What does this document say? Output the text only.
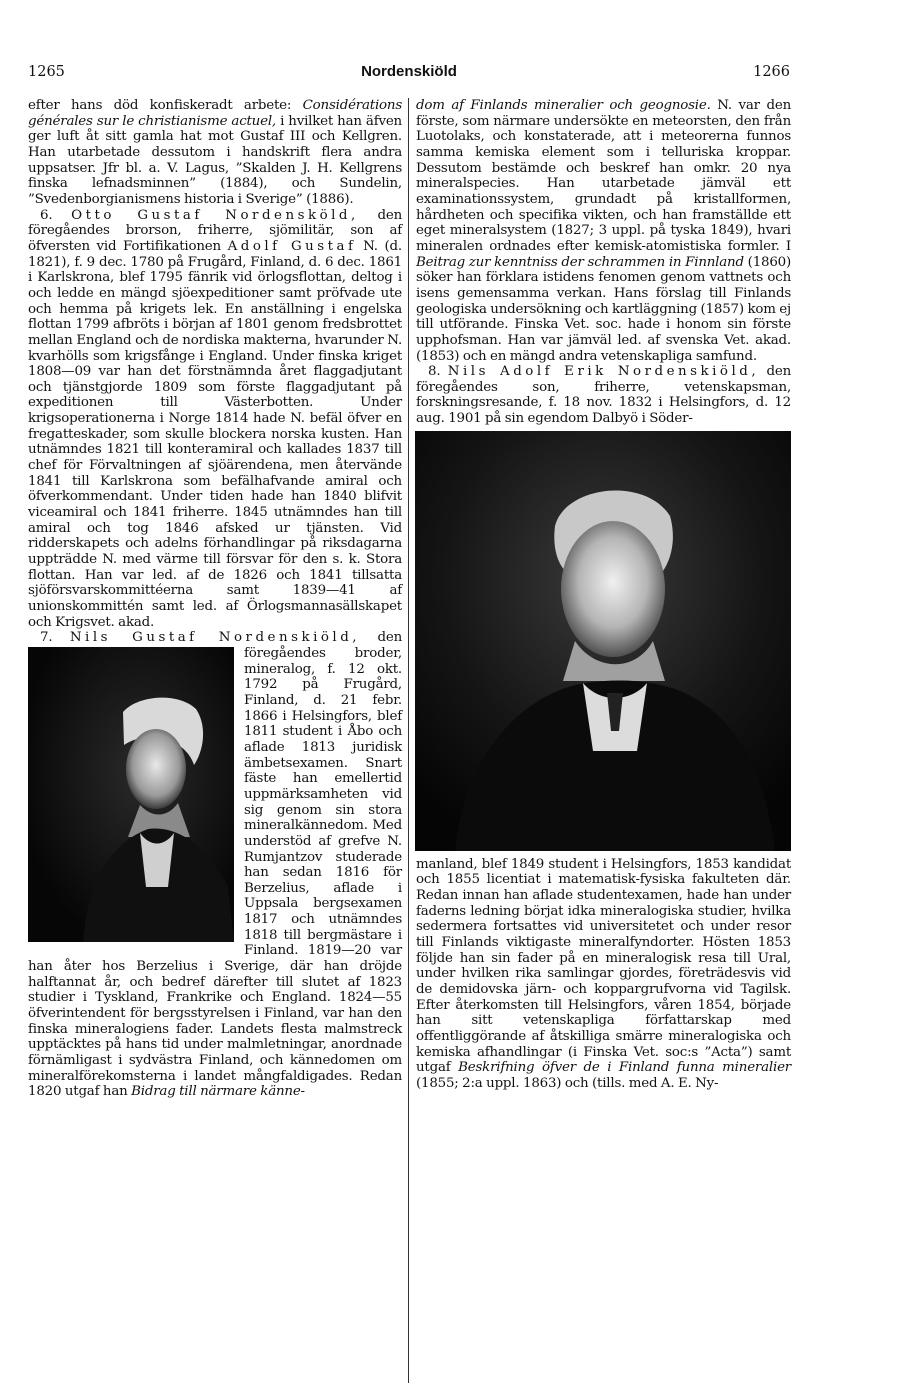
1265	Nordenskiöld	1266

efter hans död konfiskeradt arbete: Considérations générales sur le christianisme actuel, i hvilket han äfven ger luft åt sitt gamla hat mot Gustaf III och Kellgren. Han utarbetade dessutom i handskrift flera andra uppsatser. Jfr bl. a. V. Lagus, ”Skalden J. H. Kellgrens finska lefnadsminnen” (1884), och Sundelin, ”Svedenborgianismens historia i Sverige” (1886).

6. Otto Gustaf Nordensköld, den föregåendes brorson, friherre, sjömilitär, son af öfversten vid Fortifikationen Adolf Gustaf N. (d. 1821), f. 9 dec. 1780 på Frugård, Finland, d. 6 dec. 1861 i Karlskrona, blef 1795 fänrik vid örlogsflottan, deltog i och ledde en mängd sjöexpeditioner samt pröfvade ute och hemma på krigets lek. En anställning i engelska flottan 1799 afbröts i början af 1801 genom fredsbrottet mellan England och de nordiska makterna, hvarunder N. kvarhölls som krigsfånge i England. Under finska kriget 1808—09 var han det förstnämnda året flaggadjutant och tjänstgjorde 1809 som förste flaggadjutant på expeditionen till Västerbotten. Under krigsoperationerna i Norge 1814 hade N. befäl öfver en fregatteskader, som skulle blockera norska kusten. Han utnämndes 1821 till konteramiral och kallades 1837 till chef för Förvaltningen af sjöärendena, men återvände 1841 till Karlskrona som befälhafvande amiral och öfverkommendant. Under tiden hade han 1840 blifvit viceamiral och 1841 friherre. 1845 utnämndes han till amiral och tog 1846 afsked ur tjänsten. Vid ridderskapets och adelns förhandlingar på riksdagarna uppträdde N. med värme till försvar för den s. k. Stora flottan. Han var led. af de 1826 och 1841 tillsatta sjöförsvarskommittéerna samt 1839—41 af unionskommittén samt led. af Örlogsmannasällskapet och Krigsvet. akad.

7. Nils Gustaf Nordenskiöld,
den föregåendes broder, mineralog, f. 12 okt. 1792 på Frugård, Finland, d. 21 febr. 1866 i Helsingfors, blef 1811 student i Åbo och aflade 1813 juridisk ämbetsexamen. Snart fäste han emellertid uppmärksamheten vid sig genom sin stora mineralkännedom. Med understöd af grefve N. Rumjantzov studerade han sedan 1816 för Berzelius, aflade i Uppsala bergsexamen 1817 och utnämndes 1818 till bergmästare i Finland. 1819—20 var han åter hos Berzelius i Sverige, där han dröjde halftannat år, och bedref därefter till slutet af 1823 studier i Tyskland, Frankrike och England. 1824—55 öfverintendent för bergsstyrelsen i Finland, var han den finska mineralogiens fader. Landets flesta malmstreck upptäcktes på hans tid under malmletningar, anordnade förnämligast i sydvästra Finland, och kännedomen om mineralförekomsterna i landet mångfaldigades. Redan 1820 utgaf han Bidrag till närmare känne-

dom af Finlands mineralier och geognosie. N. var den förste, som närmare undersökte en meteorsten, den från Luotolaks, och konstaterade, att i meteorerna funnos samma kemiska element som i telluriska kroppar. Dessutom bestämde och beskref han omkr. 20 nya mineralspecies. Han utarbetade jämväl ett examinationssystem, grundadt på kristallformen, hårdheten och specifika vikten, och han framställde ett eget mineralsystem (1827; 3 uppl. på tyska 1849), hvari mineralen ordnades efter kemisk-atomistiska formler. I Beitrag zur kenntniss der schrammen in Finnland (1860) söker han förklara istidens fenomen genom vattnets och isens gemensamma verkan. Hans förslag till Finlands geologiska undersökning och kartläggning (1857) kom ej till utförande. Finska Vet. soc. hade i honom sin förste upphofsman. Han var jämväl led. af svenska Vet. akad. (1853) och en mängd andra vetenskapliga samfund.

8. Nils Adolf Erik Nordenskiöld, den föregåendes son, friherre, vetenskapsman, forskningsresande, f. 18 nov. 1832 i Helsingfors, d. 12 aug. 1901 på sin egendom Dalbyö i Söder-

manland, blef 1849 student i Helsingfors, 1853 kandidat och 1855 licentiat i matematisk-fysiska fakulteten där. Redan innan han aflade studentexamen, hade han under faderns ledning börjat idka mineralogiska studier, hvilka sedermera fortsattes vid universitetet och under resor till Finlands viktigaste mineralfyndorter. Hösten 1853 följde han sin fader på en mineralogisk resa till Ural, under hvilken rika samlingar gjordes, företrädesvis vid de demidovska järn- och koppargrufvorna vid Tagilsk. Efter återkomsten till Helsingfors, våren 1854, började han sitt vetenskapliga författarskap med offentliggörande af åtskilliga smärre mineralogiska och kemiska afhandlingar (i Finska Vet. soc:s ”Acta”) samt utgaf Beskrifning öfver de i Finland funna mineralier (1855; 2:a uppl. 1863) och (tills. med A. E. Ny-
